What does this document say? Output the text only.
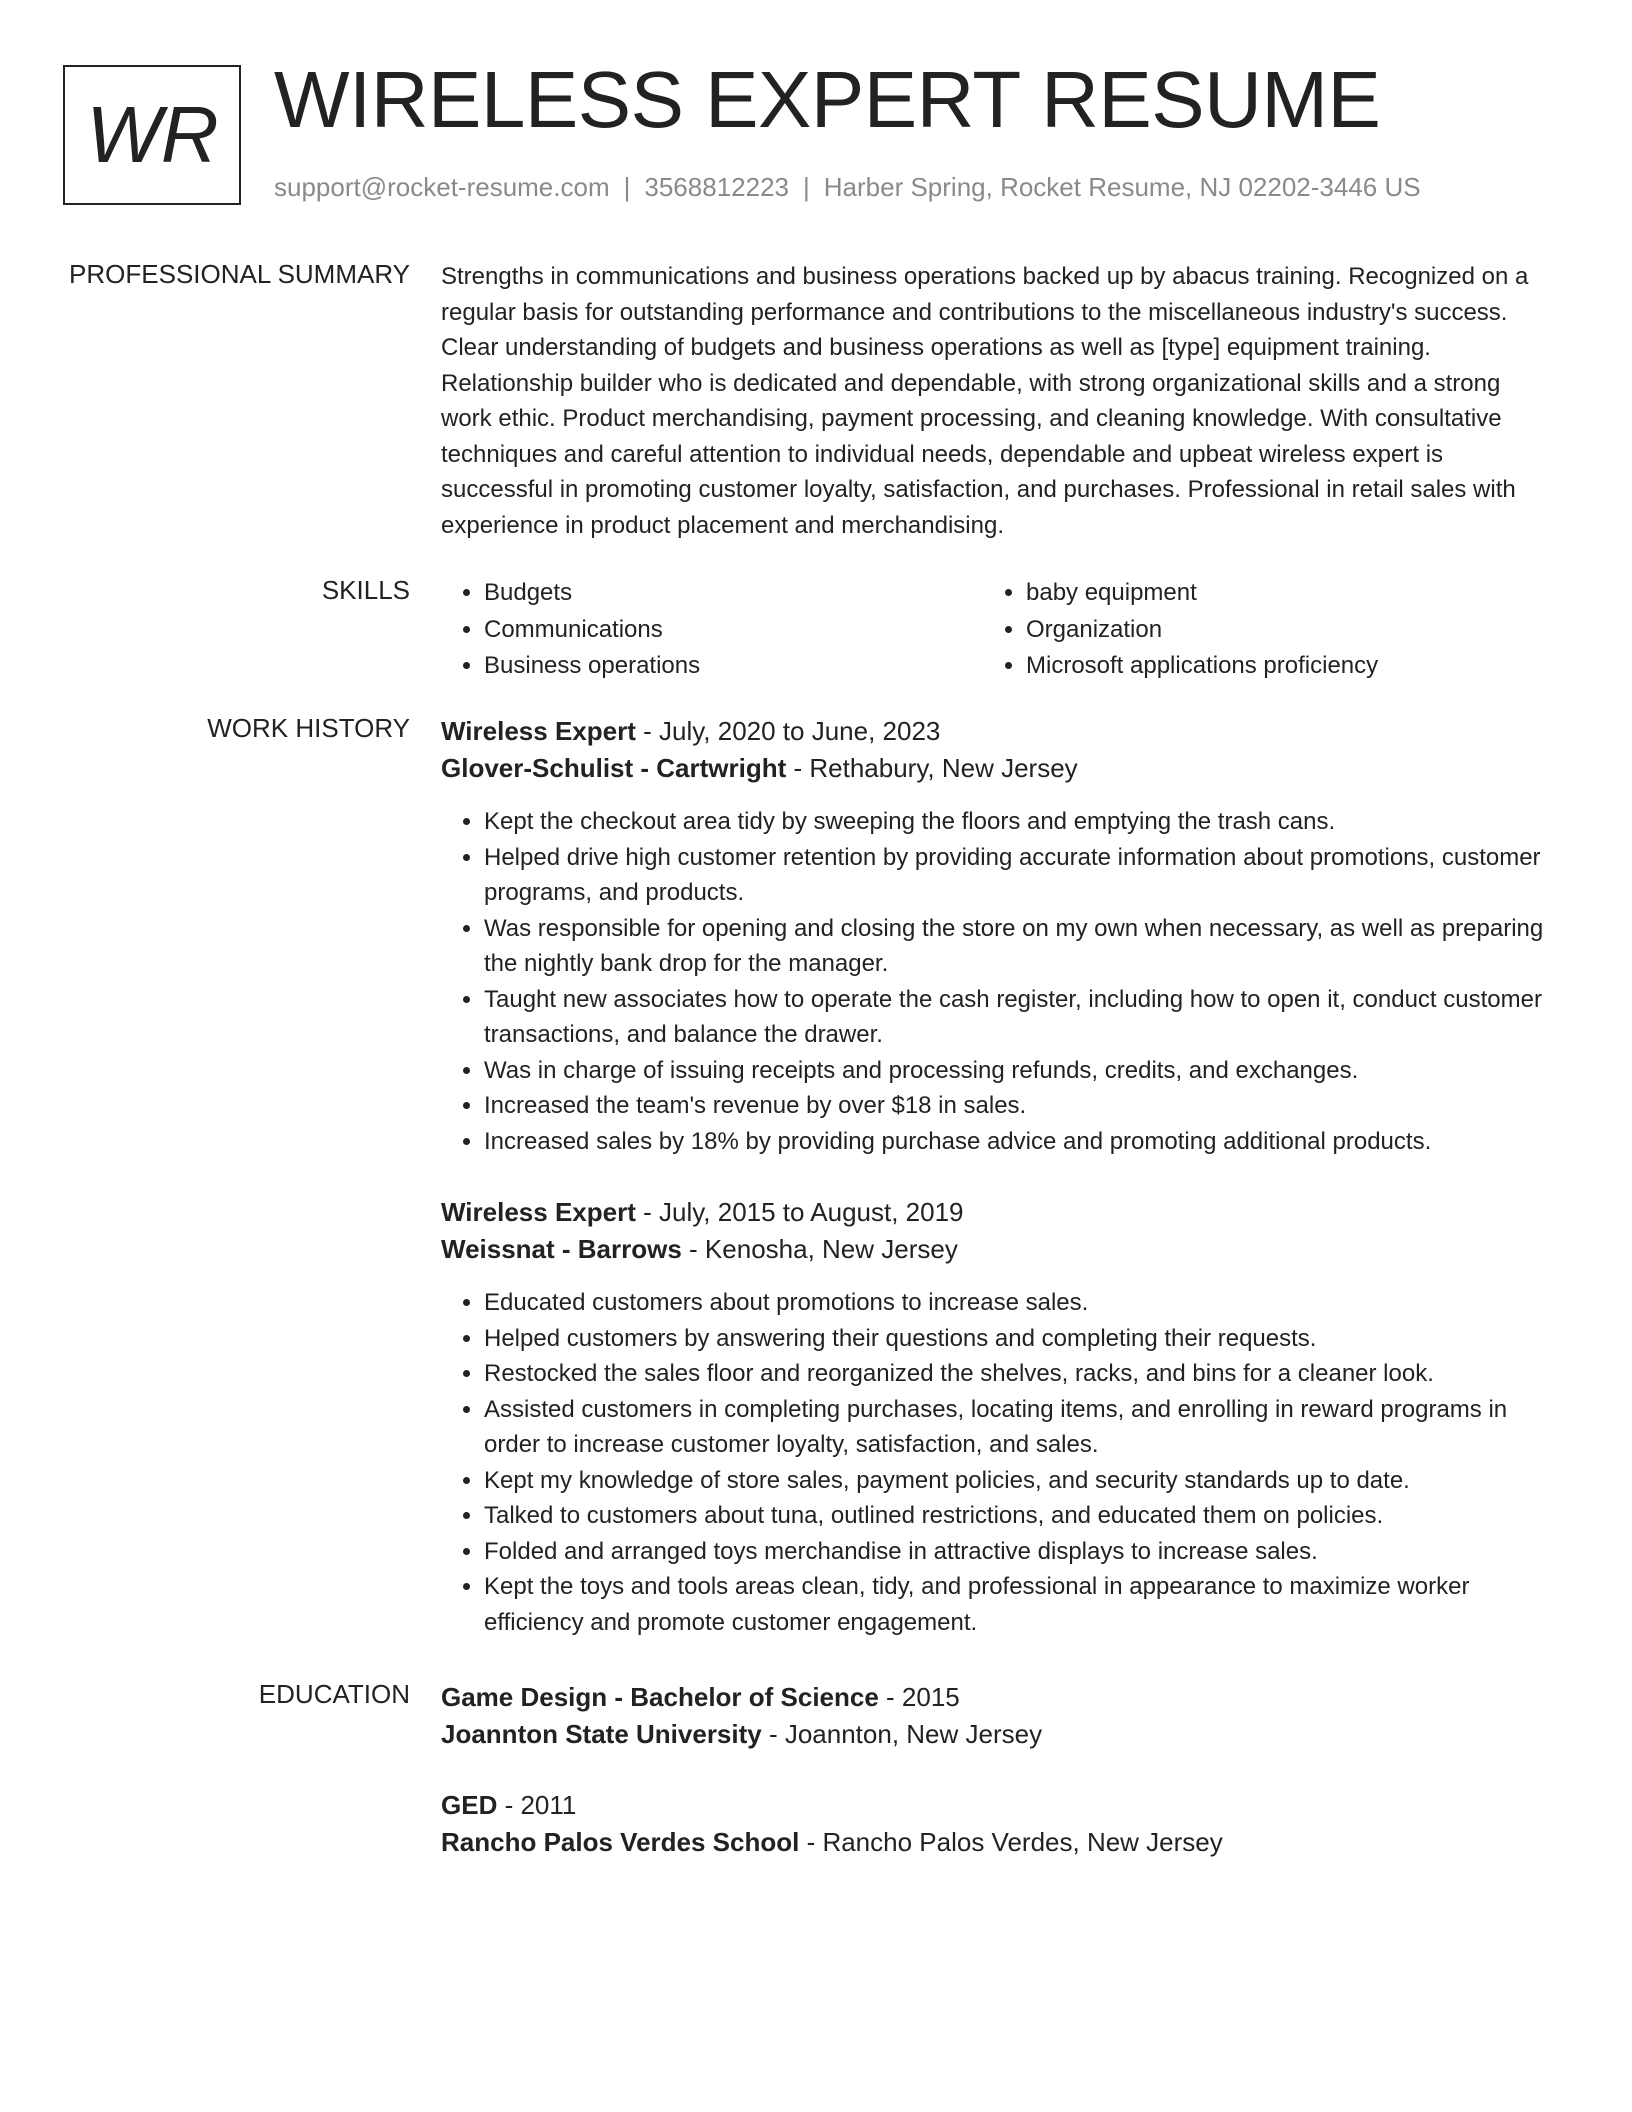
WR WIRELESS EXPERT RESUME
support@rocket-resume.com | 3568812223 | Harber Spring, Rocket Resume, NJ 02202-3446 US
PROFESSIONAL SUMMARY Strengths in communications and business operations backed up by abacus training. Recognized on a regular basis for outstanding performance and contributions to the miscellaneous industry's success. Clear understanding of budgets and business operations as well as [type] equipment training. Relationship builder who is dedicated and dependable, with strong organizational skills and a strong work ethic. Product merchandising, payment processing, and cleaning knowledge. With consultative techniques and careful attention to individual needs, dependable and upbeat wireless expert is successful in promoting customer loyalty, satisfaction, and purchases. Professional in retail sales with experience in product placement and merchandising.

SKILLS
•	Budgets
• Communications
• Business operations
• baby equipment
• Organization
• Microsoft applications proficiency
WORK HISTORY Wireless Expert - July, 2020 to June, 2023
Glover-Schulist - Cartwright - Rethabury, New Jersey
• Kept the checkout area tidy by sweeping the floors and emptying the trash cans.
• Helped drive high customer retention by providing accurate information about promotions, customer programs, and products.
• Was responsible for opening and closing the store on my own when necessary, as well as preparing the nightly bank drop for the manager.
• Taught new associates how to operate the cash register, including how to open it, conduct customer transactions, and balance the drawer.
• Was in charge of issuing receipts and processing refunds, credits, and exchanges.
• Increased the team's revenue by over $18 in sales.
• Increased sales by 18% by providing purchase advice and promoting additional products.
Wireless Expert - July, 2015 to August, 2019
Weissnat - Barrows - Kenosha, New Jersey
• Educated customers about promotions to increase sales.
• Helped customers by answering their questions and completing their requests.
• Restocked the sales floor and reorganized the shelves, racks, and bins for a cleaner look.
• Assisted customers in completing purchases, locating items, and enrolling in reward programs in order to increase customer loyalty, satisfaction, and sales.
• Kept my knowledge of store sales, payment policies, and security standards up to date.
• Talked to customers about tuna, outlined restrictions, and educated them on policies.
• Folded and arranged toys merchandise in attractive displays to increase sales.
• Kept the toys and tools areas clean, tidy, and professional in appearance to maximize worker efficiency and promote customer engagement.
EDUCATION Game Design - Bachelor of Science - 2015
Joannton State University - Joannton, New Jersey
GED - 2011
Rancho Palos Verdes School - Rancho Palos Verdes, New Jersey
